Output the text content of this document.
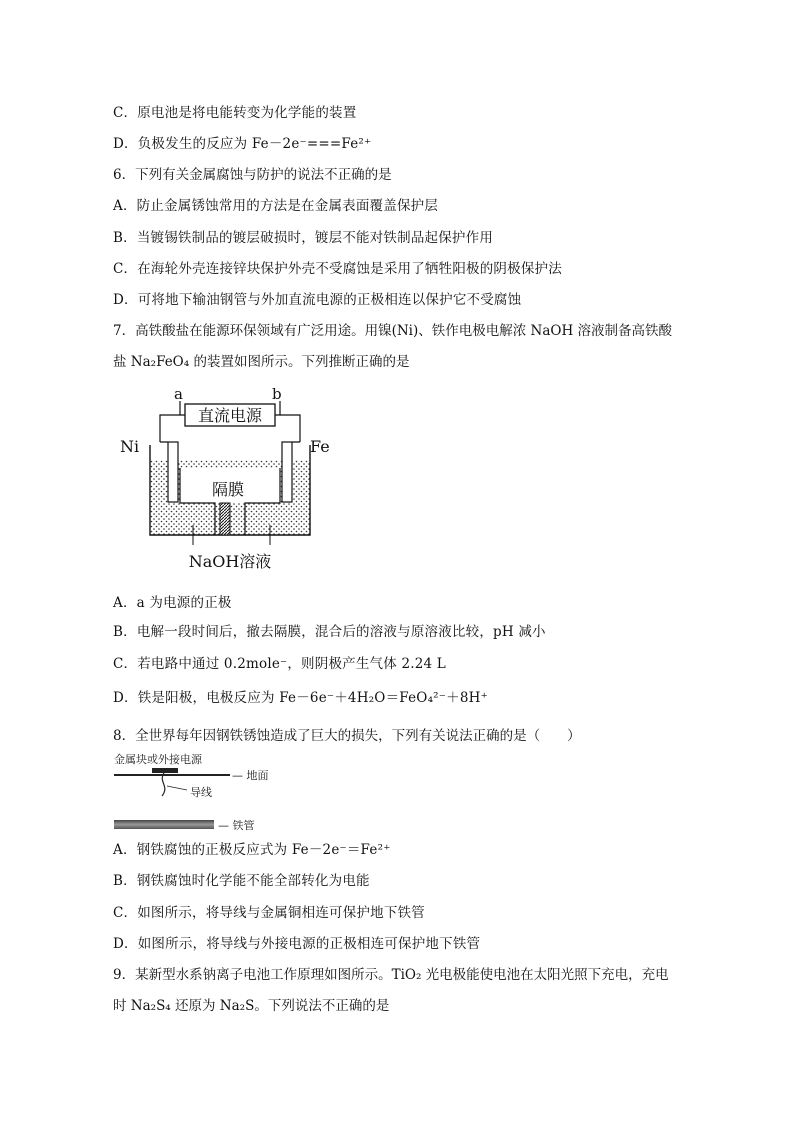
C．原电池是将电能转变为化学能的装置
D．负极发生的反应为 Fe－2e⁻===Fe²⁺
6．下列有关金属腐蚀与防护的说法不正确的是
A．防止金属锈蚀常用的方法是在金属表面覆盖保护层
B．当镀锡铁制品的镀层破损时，镀层不能对铁制品起保护作用
C．在海轮外壳连接锌块保护外壳不受腐蚀是采用了牺牲阳极的阴极保护法
D．可将地下输油钢管与外加直流电源的正极相连以保护它不受腐蚀
7．高铁酸盐在能源环保领域有广泛用途。用镍(Ni)、铁作电极电解浓 NaOH 溶液制备高铁酸
盐 Na₂FeO₄ 的装置如图所示。下列推断正确的是
a	b
直流电源
隔膜
Ni	Fe
NaOH溶液
A．a 为电源的正极
B．电解一段时间后，撤去隔膜，混合后的溶液与原溶液比较，pH 减小
C．若电路中通过 0.2mole⁻，则阴极产生气体 2.24 L
D．铁是阳极，电极反应为 Fe－6e⁻＋4H₂O＝FeO₄²⁻＋8H⁺
8．全世界每年因钢铁锈蚀造成了巨大的损失，下列有关说法正确的是（　　）
金属块或外接电源
— 地面
导线
— 铁管
A．钢铁腐蚀的正极反应式为 Fe－2e⁻＝Fe²⁺
B．钢铁腐蚀时化学能不能全部转化为电能
C．如图所示，将导线与金属铜相连可保护地下铁管
D．如图所示，将导线与外接电源的正极相连可保护地下铁管
9．某新型水系钠离子电池工作原理如图所示。TiO₂ 光电极能使电池在太阳光照下充电，充电
时 Na₂S₄ 还原为 Na₂S。下列说法不正确的是
